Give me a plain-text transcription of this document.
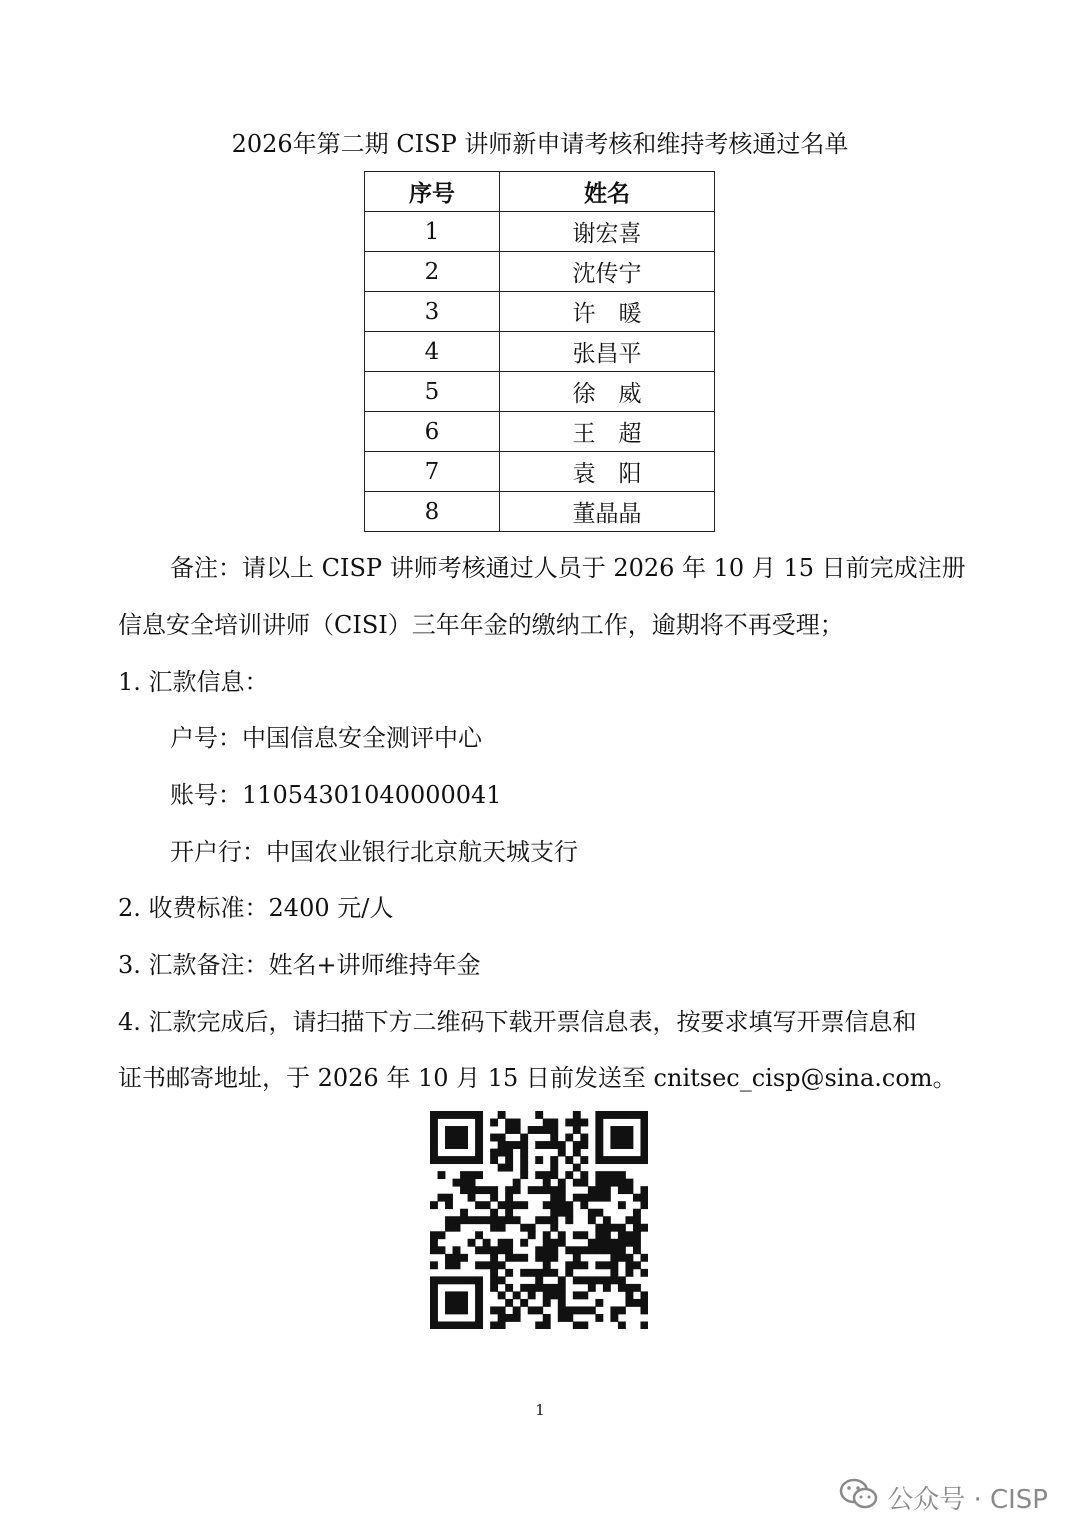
2026年第二期 CISP 讲师新申请考核和维持考核通过名单
序号	姓名
1	谢宏喜
2	沈传宁
3	许　暖
4	张昌平
5	徐　威
6	王　超
7	袁　阳
8	董晶晶
备注：请以上 CISP 讲师考核通过人员于 2026 年 10 月 15 日前完成注册
信息安全培训讲师（CISI）三年年金的缴纳工作，逾期将不再受理；
1. 汇款信息：
户号：中国信息安全测评中心
账号：11054301040000041
开户行：中国农业银行北京航天城支行
2. 收费标准：2400 元/人
3. 汇款备注：姓名+讲师维持年金
4. 汇款完成后，请扫描下方二维码下载开票信息表，按要求填写开票信息和
证书邮寄地址，于 2026 年 10 月 15 日前发送至 cnitsec_cisp@sina.com。
1
公众号 · CISP
